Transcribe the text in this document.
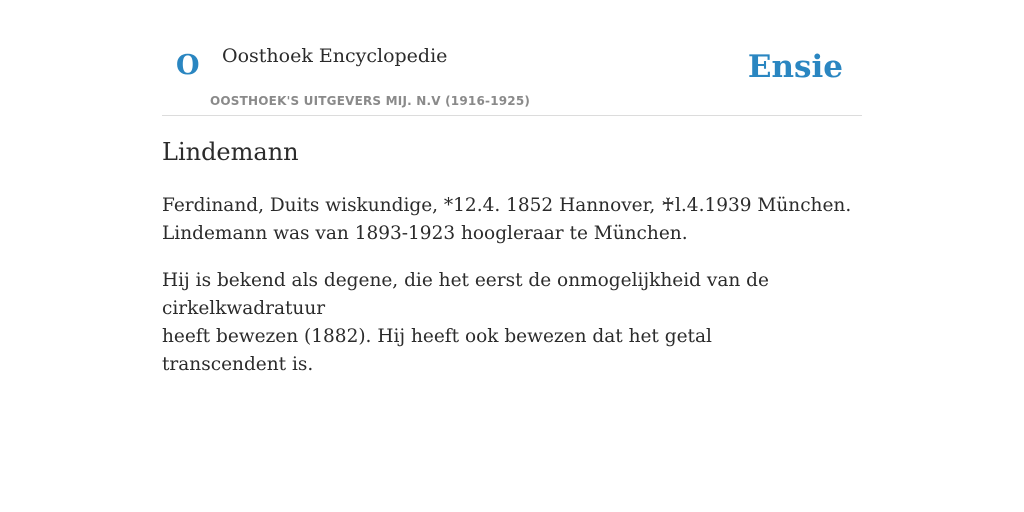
O Oosthoek Encyclopedie
OOSTHOEK'S UITGEVERS MIJ. N.V (1916-1925)
Ensie
Lindemann

Ferdinand, Duits wiskundige, *12.4. 1852 Hannover, ♰l.4.1939 München.
Lindemann was van 1893-1923 hoogleraar te München.

Hij is bekend als degene, die het eerst de onmogelijkheid van de cirkelkwadratuur
heeft bewezen (1882). Hij heeft ook bewezen dat het getal  transcendent is.
